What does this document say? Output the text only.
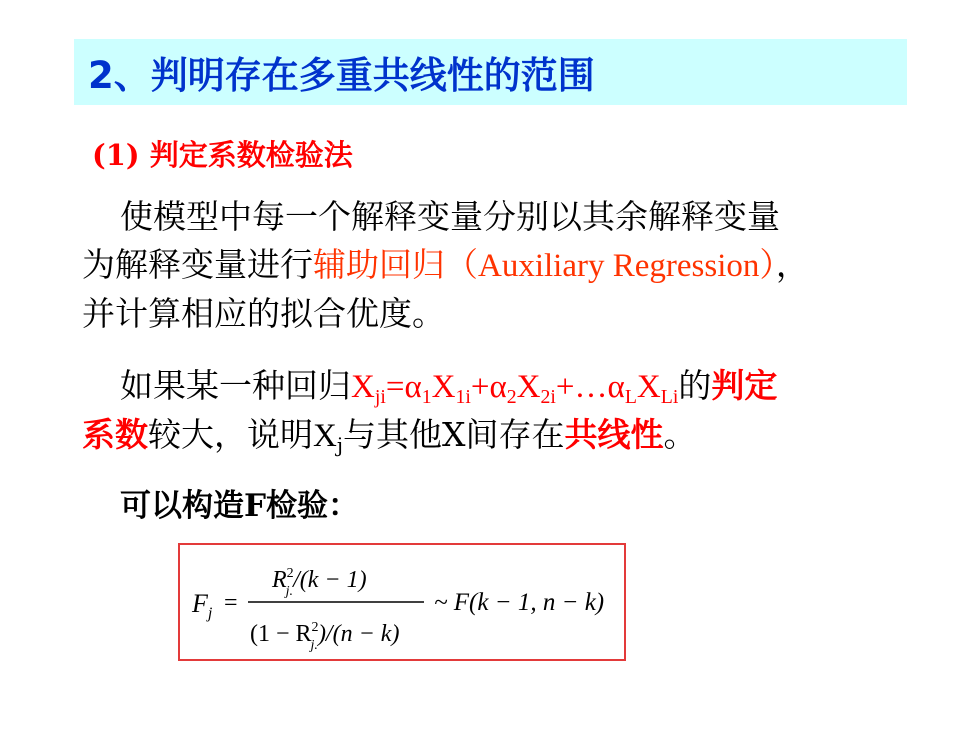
2、判明存在多重共线性的范围
(1) 判定系数检验法
使模型中每一个解释变量分别以其余解释变量
为解释变量进行辅助回归（Auxiliary Regression），
并计算相应的拟合优度。
如果某一种回归$X_{ji}=\alpha_1X_{1i}+\alpha_2X_{2i}+\dots\alpha_LX_{Li}$的判定
系数较大，说明$X_j$与其他X间存在共线性。
可以构造F检验：
$F_j$ =
$R^2$ j./(k − 1)
($1 - R^2$ j.)/(n − k)
~ F(k − 1, n − k)
